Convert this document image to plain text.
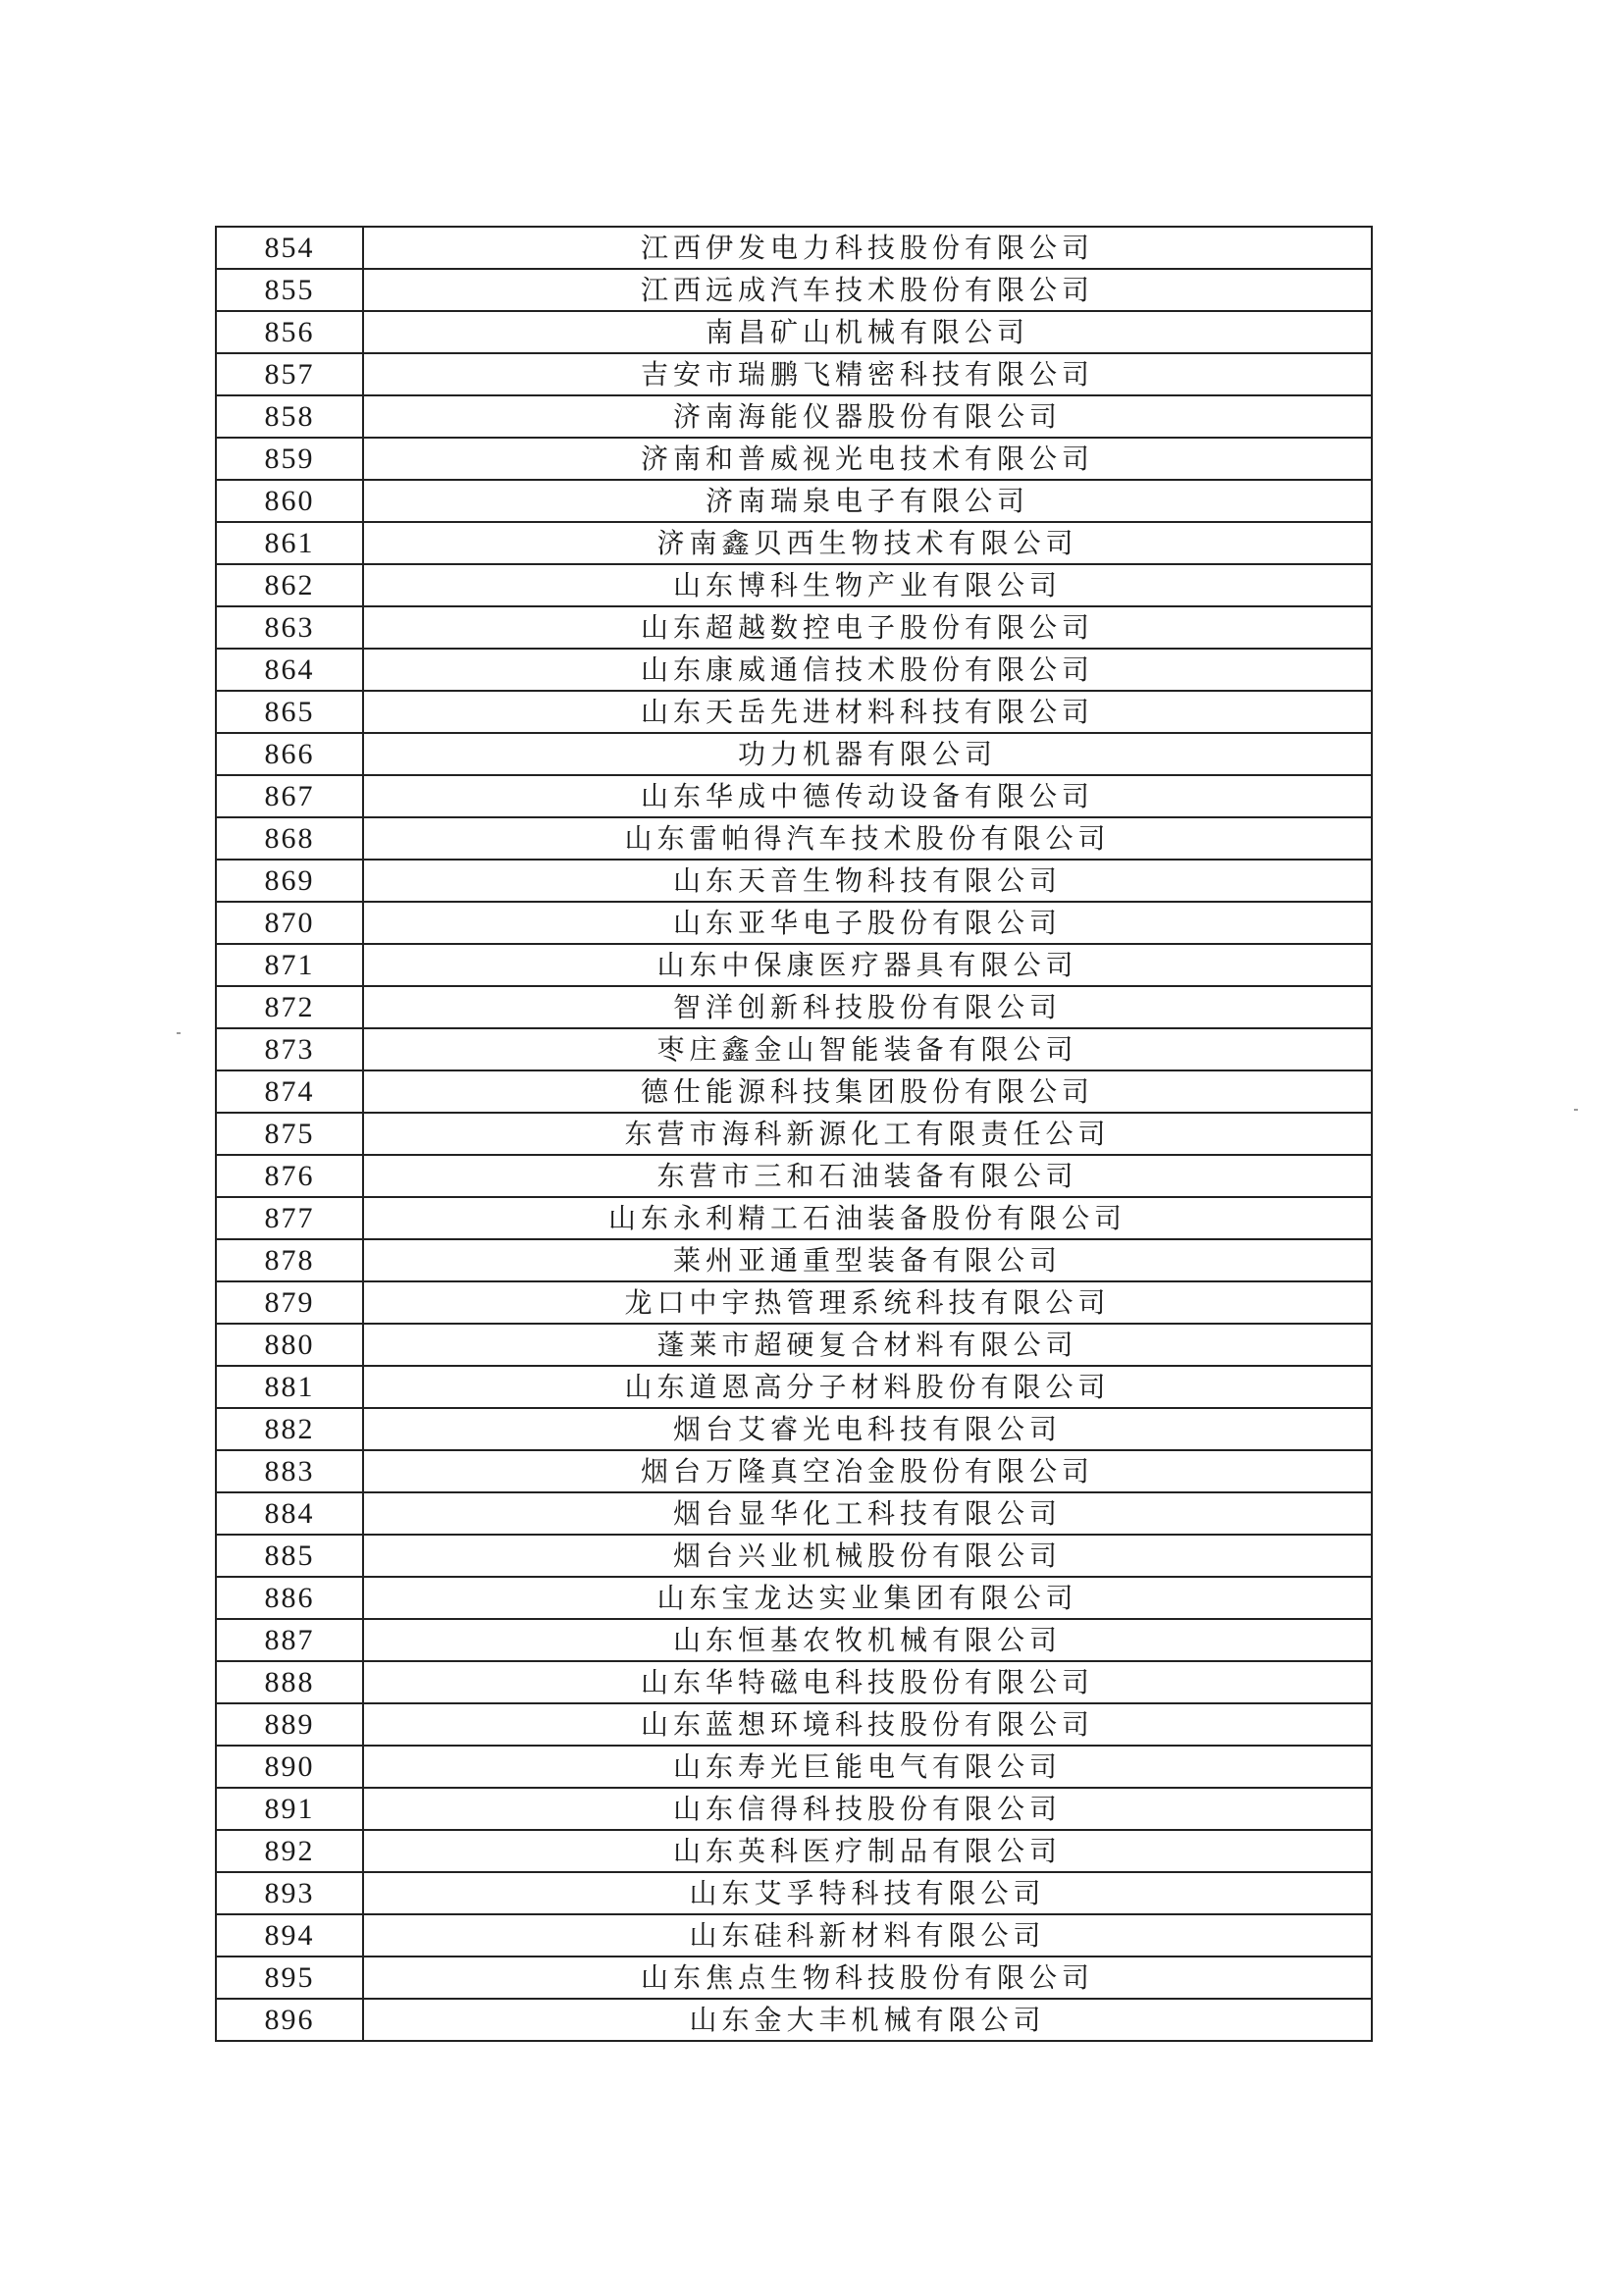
854	江西伊发电力科技股份有限公司
855	江西远成汽车技术股份有限公司
856	南昌矿山机械有限公司
857	吉安市瑞鹏飞精密科技有限公司
858	济南海能仪器股份有限公司
859	济南和普威视光电技术有限公司
860	济南瑞泉电子有限公司
861	济南鑫贝西生物技术有限公司
862	山东博科生物产业有限公司
863	山东超越数控电子股份有限公司
864	山东康威通信技术股份有限公司
865	山东天岳先进材料科技有限公司
866	功力机器有限公司
867	山东华成中德传动设备有限公司
868	山东雷帕得汽车技术股份有限公司
869	山东天音生物科技有限公司
870	山东亚华电子股份有限公司
871	山东中保康医疗器具有限公司
872	智洋创新科技股份有限公司
873	枣庄鑫金山智能装备有限公司
874	德仕能源科技集团股份有限公司
875	东营市海科新源化工有限责任公司
876	东营市三和石油装备有限公司
877	山东永利精工石油装备股份有限公司
878	莱州亚通重型装备有限公司
879	龙口中宇热管理系统科技有限公司
880	蓬莱市超硬复合材料有限公司
881	山东道恩高分子材料股份有限公司
882	烟台艾睿光电科技有限公司
883	烟台万隆真空冶金股份有限公司
884	烟台显华化工科技有限公司
885	烟台兴业机械股份有限公司
886	山东宝龙达实业集团有限公司
887	山东恒基农牧机械有限公司
888	山东华特磁电科技股份有限公司
889	山东蓝想环境科技股份有限公司
890	山东寿光巨能电气有限公司
891	山东信得科技股份有限公司
892	山东英科医疗制品有限公司
893	山东艾孚特科技有限公司
894	山东硅科新材料有限公司
895	山东焦点生物科技股份有限公司
896	山东金大丰机械有限公司
